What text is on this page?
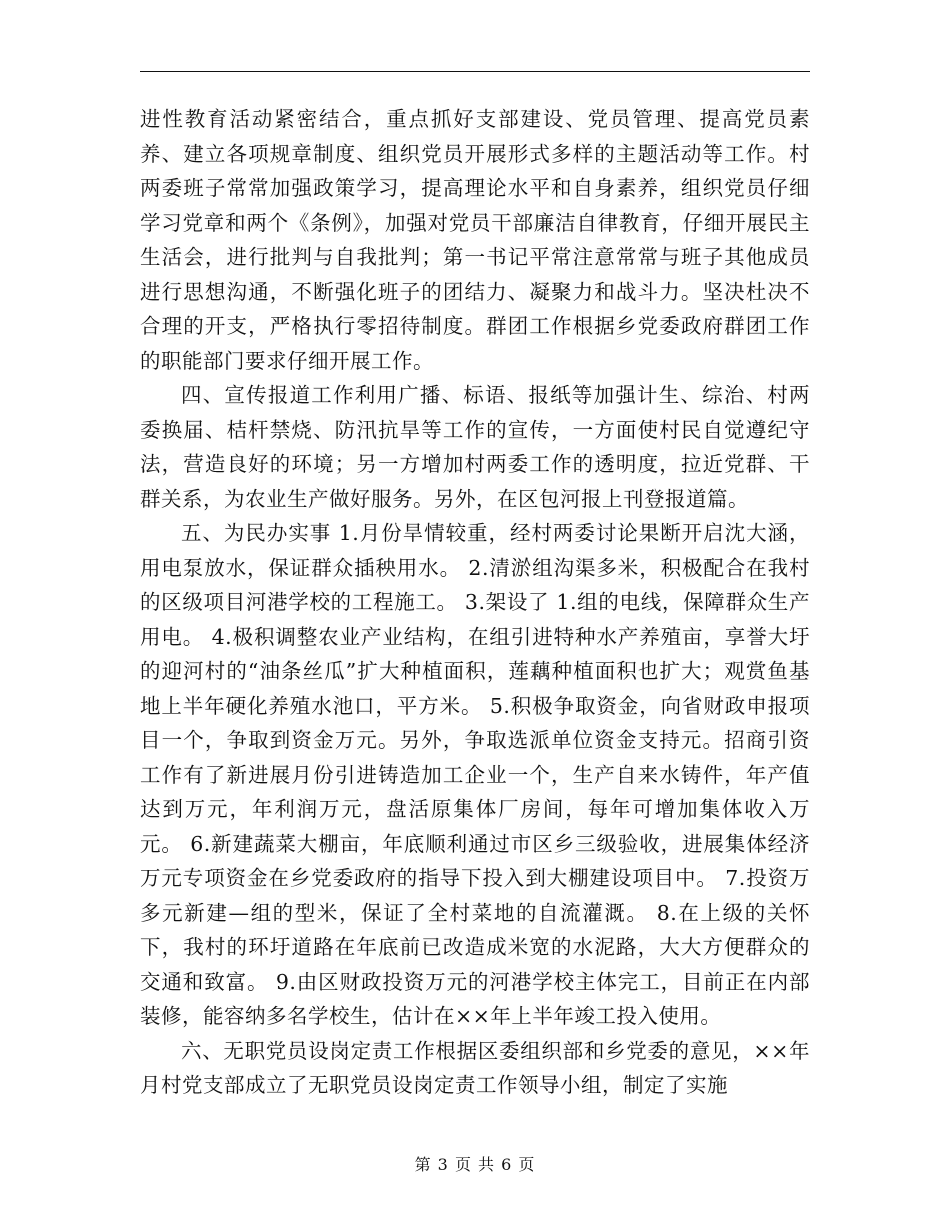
进性教育活动紧密结合，重点抓好支部建设、党员管理、提高党员素养、建立各项规章制度、组织党员开展形式多样的主题活动等工作。村两委班子常常加强政策学习，提高理论水平和自身素养，组织党员仔细学习党章和两个《条例》，加强对党员干部廉洁自律教育，仔细开展民主生活会，进行批判与自我批判；第一书记平常注意常常与班子其他成员进行思想沟通，不断强化班子的团结力、凝聚力和战斗力。坚决杜决不合理的开支，严格执行零招待制度。群团工作根据乡党委政府群团工作的职能部门要求仔细开展工作。

四、宣传报道工作利用广播、标语、报纸等加强计生、综治、村两委换届、桔杆禁烧、防汛抗旱等工作的宣传，一方面使村民自觉遵纪守法，营造良好的环境；另一方增加村两委工作的透明度，拉近党群、干群关系，为农业生产做好服务。另外，在区包河报上刊登报道篇。

五、为民办实事 1.月份旱情较重，经村两委讨论果断开启沈大涵，用电泵放水，保证群众插秧用水。 2.清淤组沟渠多米，积极配合在我村的区级项目河港学校的工程施工。 3.架设了 1.组的电线，保障群众生产用电。 4.极积调整农业产业结构，在组引进特种水产养殖亩，享誉大圩的迎河村的“油条丝瓜”扩大种植面积，莲藕种植面积也扩大；观赏鱼基地上半年硬化养殖水池口，平方米。 5.积极争取资金，向省财政申报项目一个，争取到资金万元。另外，争取选派单位资金支持元。招商引资工作有了新进展月份引进铸造加工企业一个，生产自来水铸件，年产值达到万元，年利润万元，盘活原集体厂房间，每年可增加集体收入万元。 6.新建蔬菜大棚亩，年底顺利通过市区乡三级验收，进展集体经济万元专项资金在乡党委政府的指导下投入到大棚建设项目中。 7.投资万多元新建—组的型米，保证了全村菜地的自流灌溉。 8.在上级的关怀下，我村的环圩道路在年底前已改造成米宽的水泥路，大大方便群众的交通和致富。 9.由区财政投资万元的河港学校主体完工，目前正在内部装修，能容纳多名学校生，估计在××年上半年竣工投入使用。

六、无职党员设岗定责工作根据区委组织部和乡党委的意见，××年月村党支部成立了无职党员设岗定责工作领导小组，制定了实施

第 3 页 共 6 页
